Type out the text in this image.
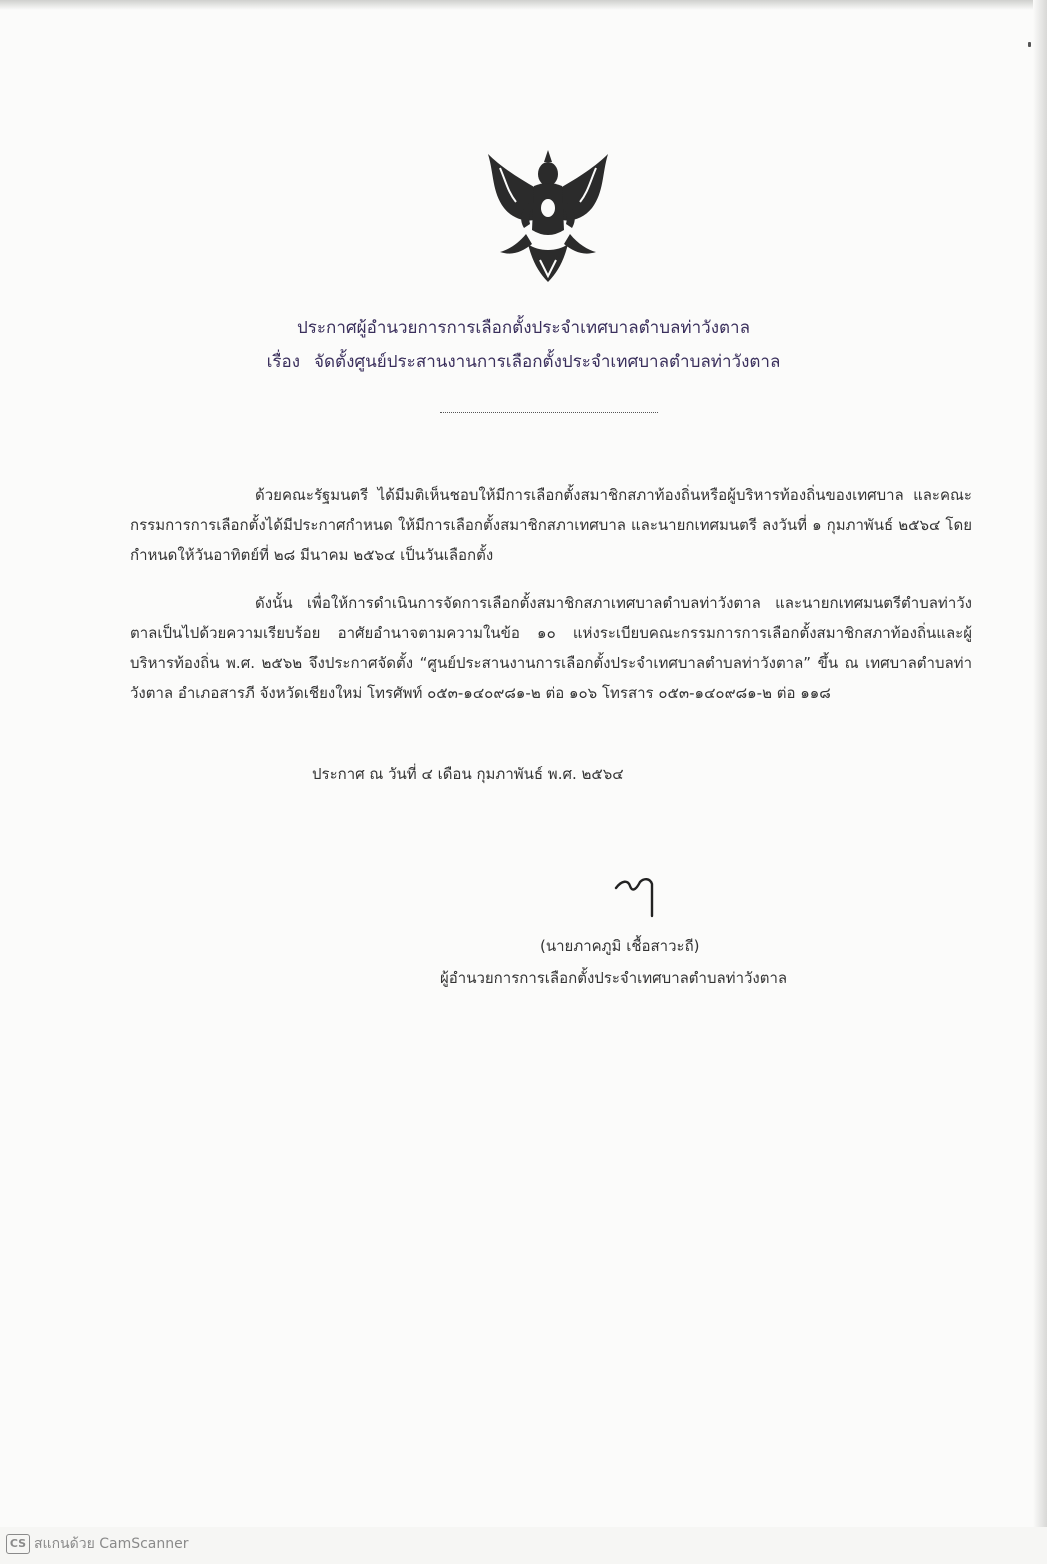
ประกาศผู้อำนวยการการเลือกตั้งประจำเทศบาลตำบลท่าวังตาล
เรื่อง จัดตั้งศูนย์ประสานงานการเลือกตั้งประจำเทศบาลตำบลท่าวังตาล
ด้วยคณะรัฐมนตรี ได้มีมติเห็นชอบให้มีการเลือกตั้งสมาชิกสภาท้องถิ่นหรือผู้บริหารท้องถิ่นของเทศบาล และคณะกรรมการการเลือกตั้งได้มีประกาศกำหนด ให้มีการเลือกตั้งสมาชิกสภาเทศบาล และนายกเทศมนตรี ลงวันที่ ๑ กุมภาพันธ์ ๒๕๖๔ โดยกำหนดให้วันอาทิตย์ที่ ๒๘ มีนาคม ๒๕๖๔ เป็นวันเลือกตั้ง
ดังนั้น เพื่อให้การดำเนินการจัดการเลือกตั้งสมาชิกสภาเทศบาลตำบลท่าวังตาล และนายกเทศมนตรีตำบลท่าวังตาลเป็นไปด้วยความเรียบร้อย อาศัยอำนาจตามความในข้อ ๑๐ แห่งระเบียบคณะกรรมการการเลือกตั้งสมาชิกสภาท้องถิ่นและผู้บริหารท้องถิ่น พ.ศ. ๒๕๖๒ จึงประกาศจัดตั้ง “ศูนย์ประสานงานการเลือกตั้งประจำเทศบาลตำบลท่าวังตาล” ขึ้น ณ เทศบาลตำบลท่าวังตาล อำเภอสารภี จังหวัดเชียงใหม่ โทรศัพท์ ๐๕๓-๑๔๐๙๘๑-๒ ต่อ ๑๐๖ โทรสาร ๐๕๓-๑๔๐๙๘๑-๒ ต่อ ๑๑๘
ประกาศ ณ วันที่ ๔ เดือน กุมภาพันธ์ พ.ศ. ๒๕๖๔
(นายภาคภูมิ เชื้อสาวะถี)
ผู้อำนวยการการเลือกตั้งประจำเทศบาลตำบลท่าวังตาล
CS สแกนด้วย CamScanner
